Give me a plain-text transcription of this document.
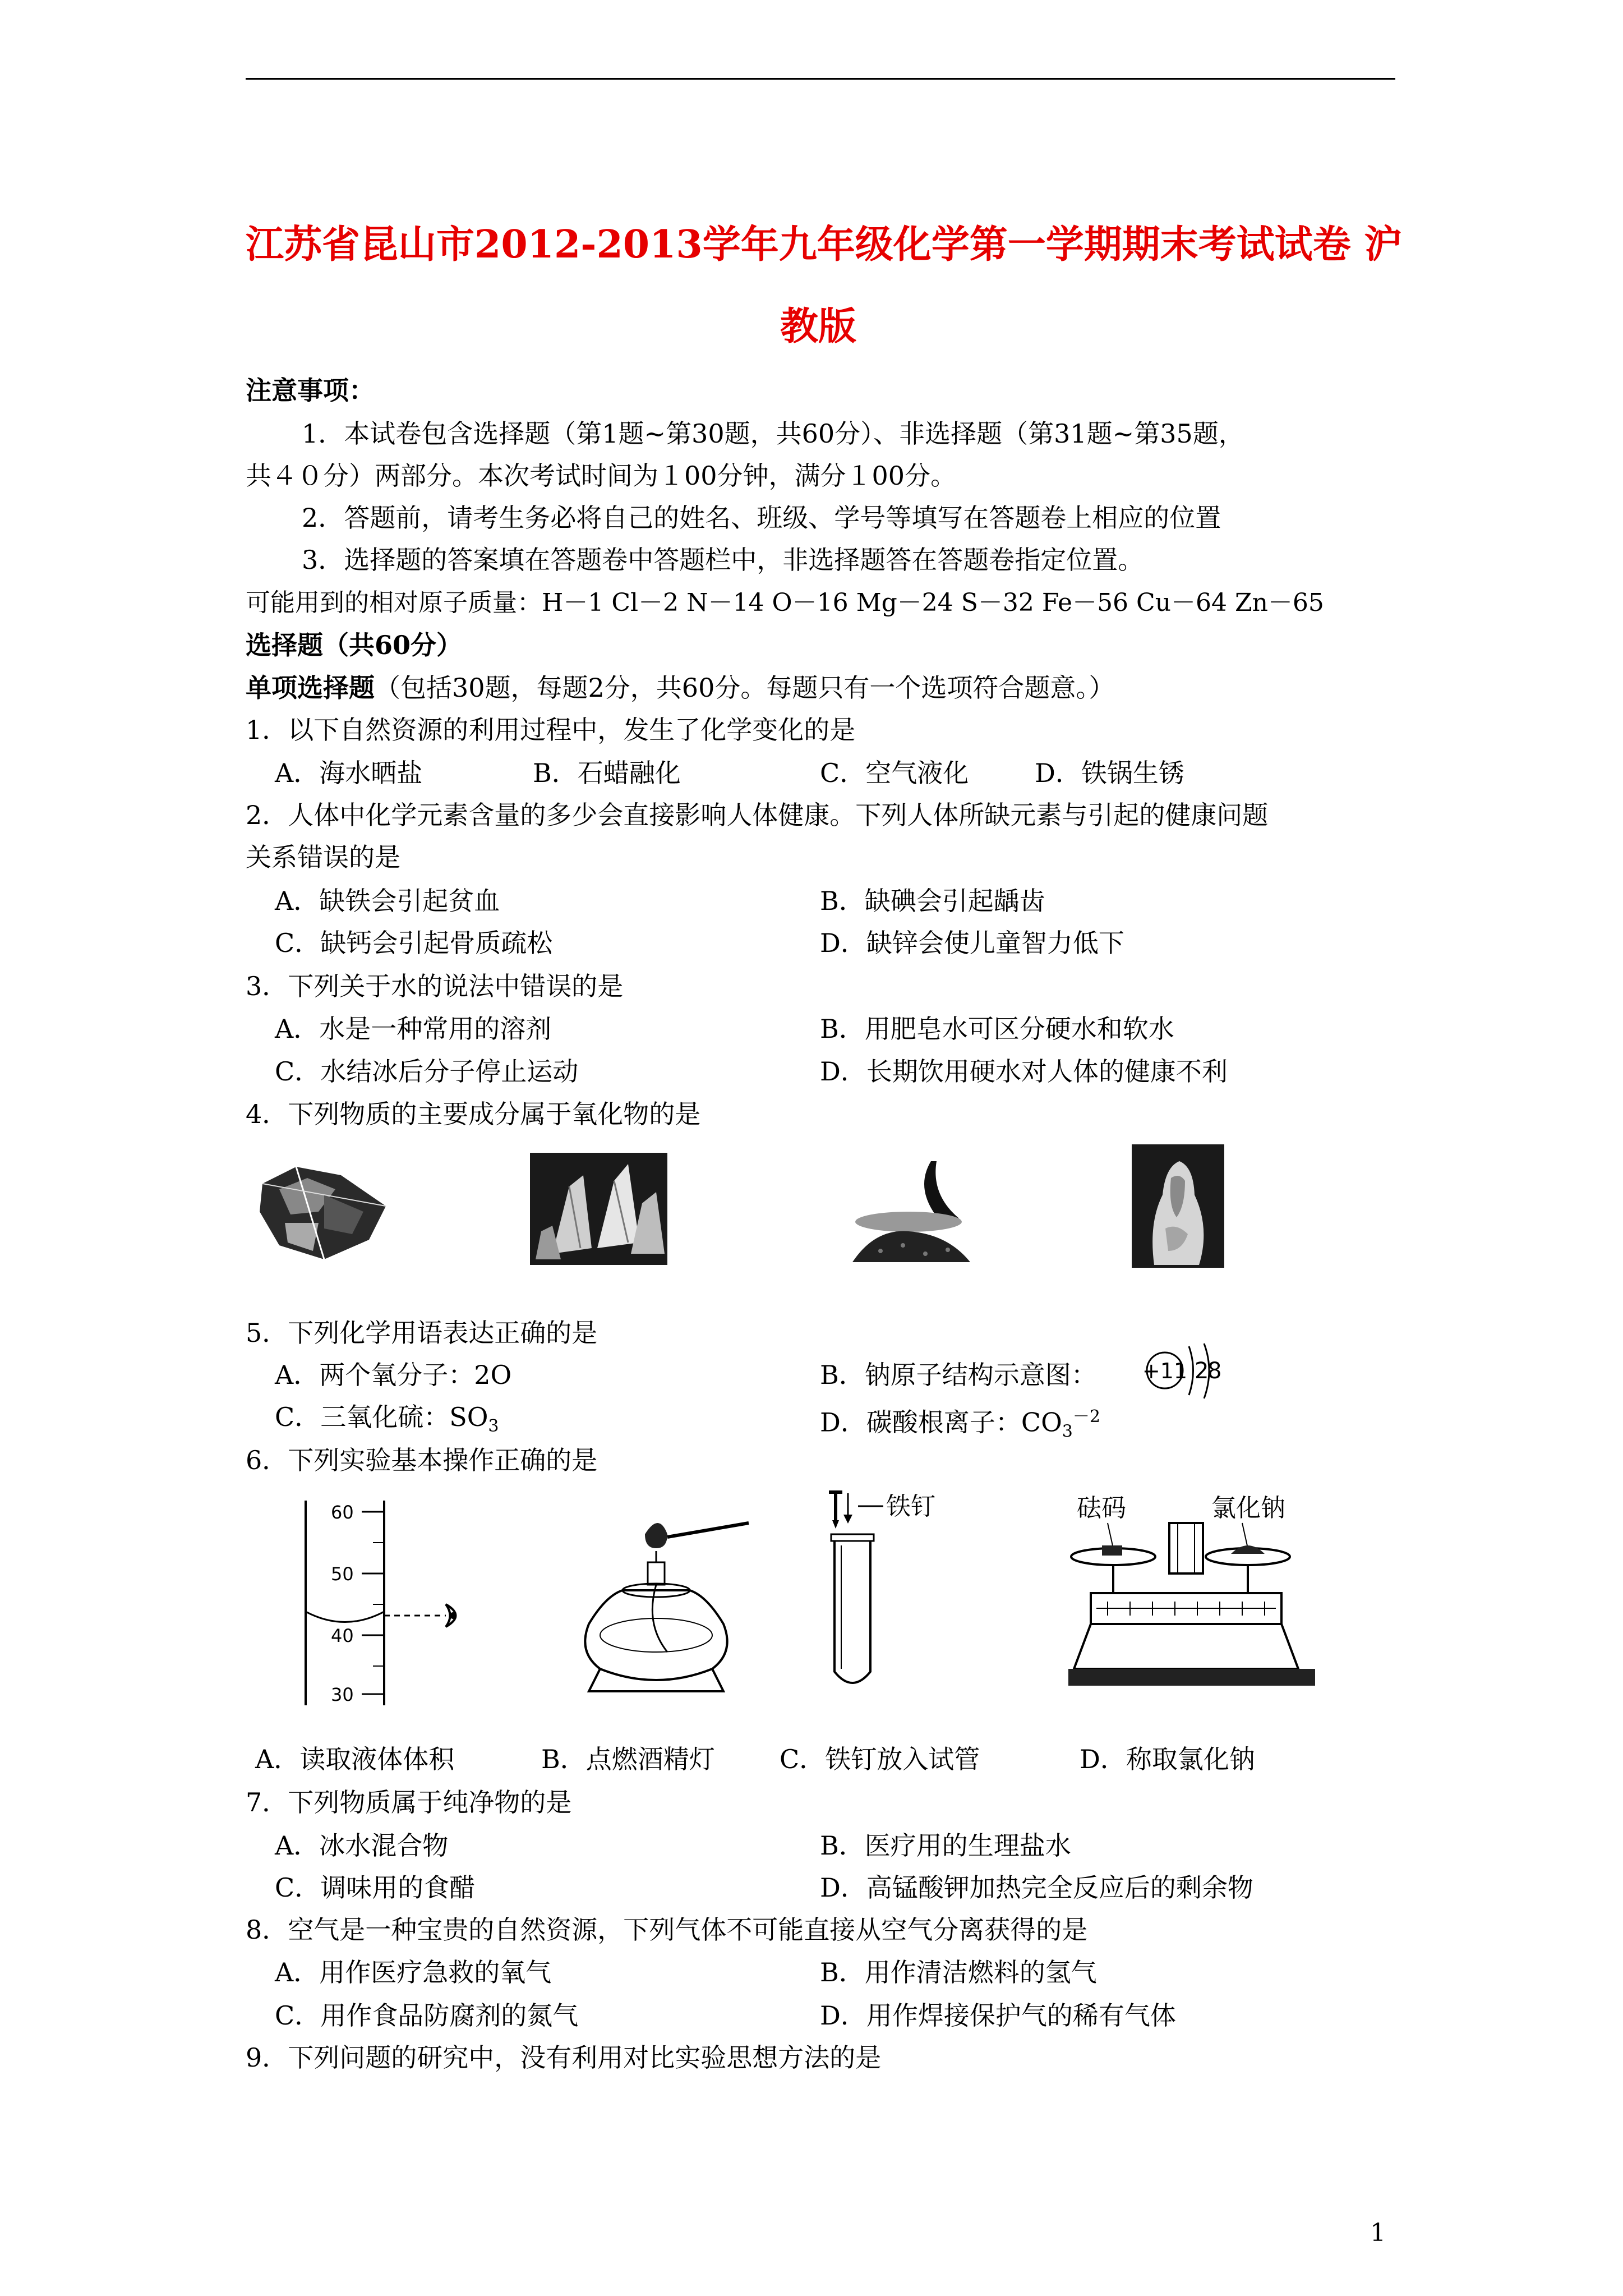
江苏省昆山市2012-2013学年九年级化学第一学期期末考试试卷 沪
教版
注意事项：
1．本试卷包含选择题（第1题~第30题，共60分）、非选择题（第31题~第35题，
共４０分）两部分。本次考试时间为１00分钟，满分１00分。
2．答题前，请考生务必将自己的姓名、班级、学号等填写在答题卷上相应的位置
3．选择题的答案填在答题卷中答题栏中，非选择题答在答题卷指定位置。
可能用到的相对原子质量：H－1 Cl－2 N－14 O－16 Mg－24 S－32 Fe－56 Cu－64 Zn－65
选择题（共60分）
单项选择题（包括30题，每题2分，共60分。每题只有一个选项符合题意。）
1．以下自然资源的利用过程中，发生了化学变化的是
A．海水晒盐	B．石蜡融化	C．空气液化	D．铁锅生锈
2．人体中化学元素含量的多少会直接影响人体健康。下列人体所缺元素与引起的健康问题
关系错误的是
A．缺铁会引起贫血	B．缺碘会引起龋齿
C．缺钙会引起骨质疏松	D．缺锌会使儿童智力低下
3．下列关于水的说法中错误的是
A．水是一种常用的溶剂	B．用肥皂水可区分硬水和软水
C．水结冰后分子停止运动	D．长期饮用硬水对人体的健康不利
4．下列物质的主要成分属于氧化物的是
5．下列化学用语表达正确的是
A．两个氧分子：2O	B．钠原子结构示意图： +11 2
8
C．三氧化硫：$SO_3$	D．碳酸根离子：$CO_3^{-2}$
6．下列实验基本操作正确的是
60
50
40
30
铁钉	砝码	氯化钠
A．读取液体体积	B．点燃酒精灯	C．铁钉放入试管	D．称取氯化钠
7．下列物质属于纯净物的是
A．冰水混合物	B．医疗用的生理盐水
C．调味用的食醋	D．高锰酸钾加热完全反应后的剩余物
8．空气是一种宝贵的自然资源，下列气体不可能直接从空气分离获得的是
A．用作医疗急救的氧气	B．用作清洁燃料的氢气
C．用作食品防腐剂的氮气	D．用作焊接保护气的稀有气体
9．下列问题的研究中，没有利用对比实验思想方法的是
1
